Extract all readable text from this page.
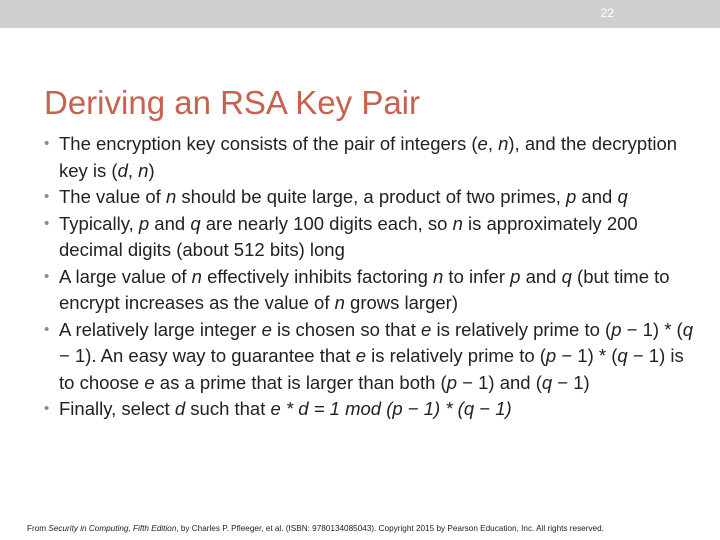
22
Deriving an RSA Key Pair
• The encryption key consists of the pair of integers (e, n), and the decryption key is (d, n)
• The value of n should be quite large, a product of two primes, p and q
• Typically, p and q are nearly 100 digits each, so n is approximately 200 decimal digits (about 512 bits) long
• A large value of n effectively inhibits factoring n to infer p and q (but time to encrypt increases as the value of n grows larger)
• A relatively large integer e is chosen so that e is relatively prime to (p − 1) * (q − 1). An easy way to guarantee that e is relatively prime to (p − 1) * (q − 1) is to choose e as a prime that is larger than both (p − 1) and (q − 1)
• Finally, select d such that e * d = 1 mod (p − 1) * (q − 1)
From Security in Computing, Fifth Edition, by Charles P. Pfleeger, et al. (ISBN: 9780134085043). Copyright 2015 by Pearson Education, Inc. All rights reserved.
